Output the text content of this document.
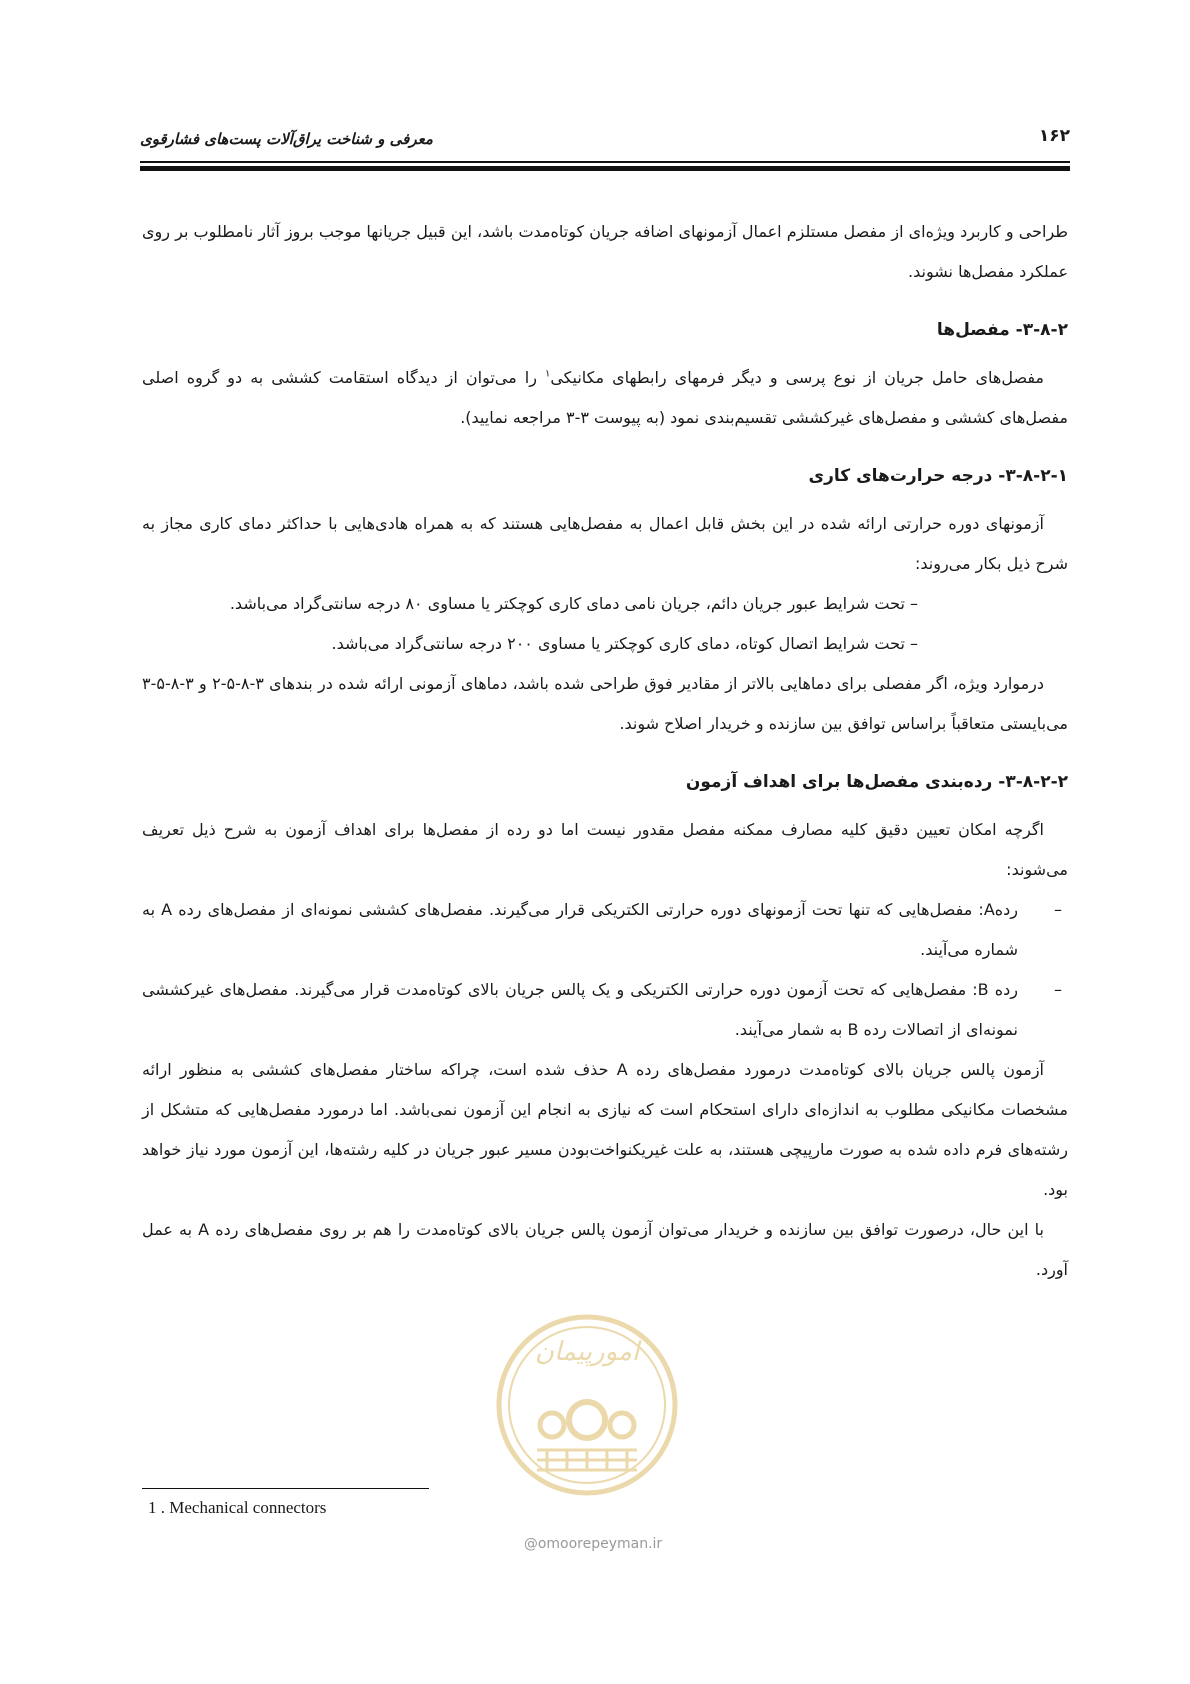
معرفی و شناخت یراق‌آلات پست‌های فشارقوی	۱۶۲

طراحی و کاربرد ویژه‌ای از مفصل مستلزم اعمال آزمونهای اضافه جریان کوتاه‌مدت باشد، این قبیل جریانها موجب بروز آثار نامطلوب بر روی عملکرد مفصل‌ها نشوند.

۳-۸-۲- مفصل‌ها

مفصل‌های حامل جریان از نوع پرسی و دیگر فرمهای رابطهای مکانیکی$^۱$ را می‌توان از دیدگاه استقامت کششی به دو گروه اصلی مفصل‌های کششی و مفصل‌های غیرکششی تقسیم‌بندی نمود (به پیوست ۳-۳ مراجعه نمایید).

۳-۸-۲-۱- درجه حرارت‌های کاری

آزمونهای دوره حرارتی ارائه شده در این بخش قابل اعمال به مفصل‌هایی هستند که به همراه هادی‌هایی با حداکثر دمای کاری مجاز به شرح ذیل بکار می‌روند:

– تحت شرایط عبور جریان دائم، جریان نامی دمای کاری کوچکتر یا مساوی ۸۰ درجه سانتی‌گراد می‌باشد.

– تحت شرایط اتصال کوتاه، دمای کاری کوچکتر یا مساوی ۲۰۰ درجه سانتی‌گراد می‌باشد.

درموارد ویژه، اگر مفصلی برای دماهایی بالاتر از مقادیر فوق طراحی شده باشد، دماهای آزمونی ارائه شده در بندهای ۳-۸-۵-۲ و ۳-۸-۵-۳ می‌بایستی متعاقباً براساس توافق بین سازنده و خریدار اصلاح شوند.

۳-۸-۲-۲- رده‌بندی مفصل‌ها برای اهداف آزمون

اگرچه امکان تعیین دقیق کلیه مصارف ممکنه مفصل مقدور نیست اما دو رده از مفصل‌ها برای اهداف آزمون به شرح ذیل تعریف می‌شوند:

–
ردهA: مفصل‌هایی که تنها تحت آزمونهای دوره حرارتی الکتریکی قرار می‌گیرند. مفصل‌های کششی نمونه‌ای از مفصل‌های رده A به شماره می‌آیند.
–
رده B: مفصل‌هایی که تحت آزمون دوره حرارتی الکتریکی و یک پالس جریان بالای کوتاه‌مدت قرار می‌گیرند. مفصل‌های غیرکششی نمونه‌ای از اتصالات رده B به شمار می‌آیند.

آزمون پالس جریان بالای کوتاه‌مدت درمورد مفصل‌های رده A حذف شده است، چراکه ساختار مفصل‌های کششی به منظور ارائه مشخصات مکانیکی مطلوب به اندازه‌ای دارای استحکام است که نیازی به انجام این آزمون نمی‌باشد. اما درمورد مفصل‌هایی که متشکل از رشته‌های فرم داده شده به صورت مارپیچی هستند، به علت غیریکنواخت‌بودن مسیر عبور جریان در کلیه رشته‌ها، این آزمون مورد نیاز خواهد بود.

با این حال، درصورت توافق بین سازنده و خریدار می‌توان آزمون پالس جریان بالای کوتاه‌مدت را هم بر روی مفصل‌های رده A به عمل آورد.

امورپیمان
@omoorepeyman.ir
1 . Mechanical connectors
